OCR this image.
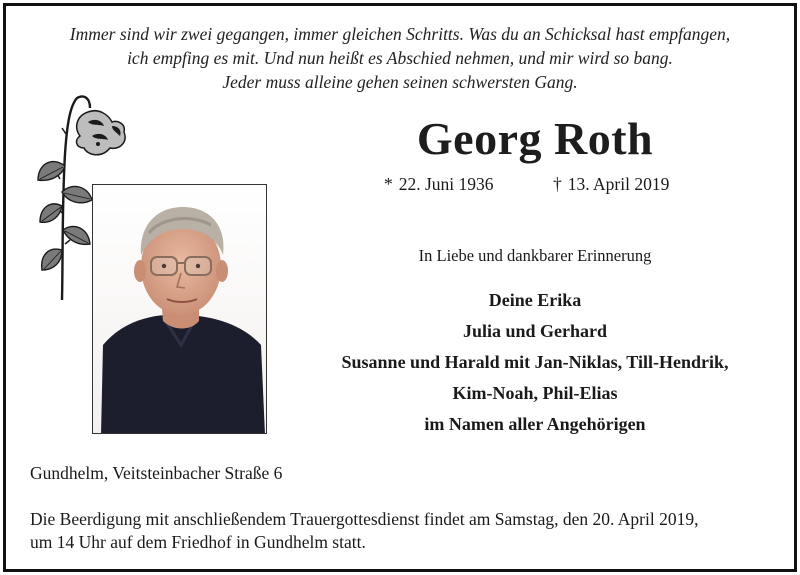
Immer sind wir zwei gegangen, immer gleichen Schritts. Was du an Schicksal hast empfangen,
ich empfing es mit. Und nun heißt es Abschied nehmen, und mir wird so bang.
Jeder muss alleine gehen seinen schwersten Gang.
Georg Roth
* 22. Juni 1936	† 13. April 2019
In Liebe und dankbarer Erinnerung
Deine Erika
Julia und Gerhard
Susanne und Harald mit Jan-Niklas, Till-Hendrik,
Kim-Noah, Phil-Elias
im Namen aller Angehörigen
Gundhelm, Veitsteinbacher Straße 6
Die Beerdigung mit anschließendem Trauergottesdienst findet am Samstag, den 20. April 2019,
um 14 Uhr auf dem Friedhof in Gundhelm statt.
